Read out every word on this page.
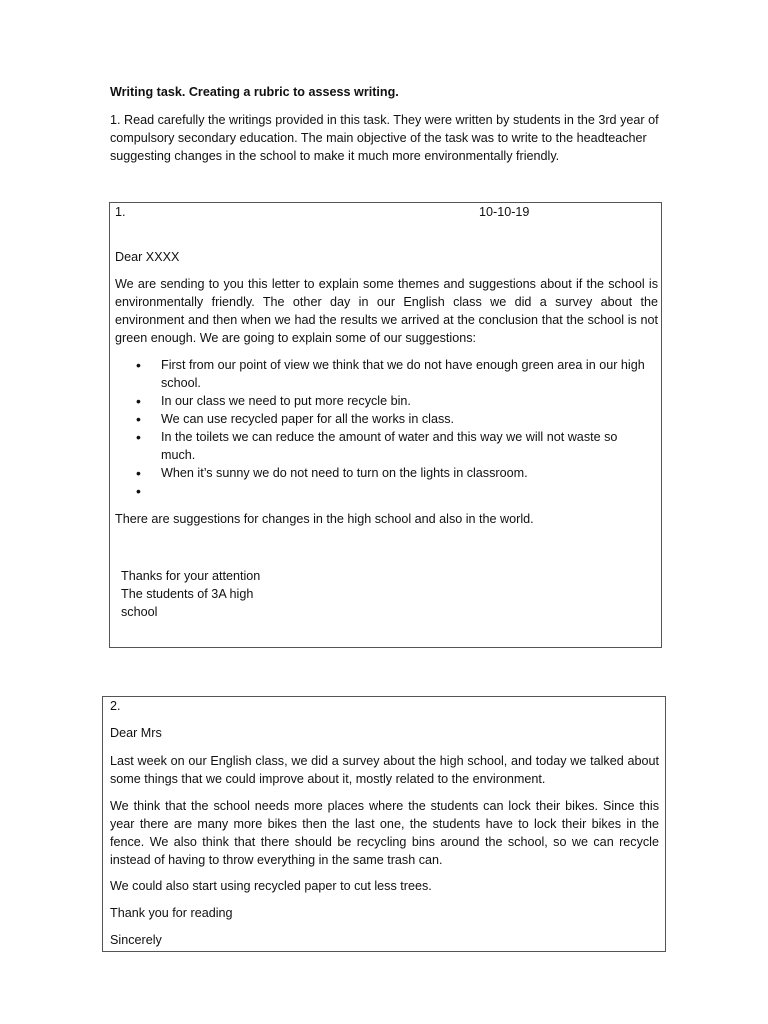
Writing task. Creating a rubric to assess writing.
1. Read carefully the writings provided in this task. They were written by students in the 3rd year of compulsory secondary education. The main objective of the task was to write to the headteacher suggesting changes in the school to make it much more environmentally friendly.
1.	10-10-19
Dear XXXX
We are sending to you this letter to explain some themes and suggestions about if the school is environmentally friendly. The other day in our English class we did a survey about the environment and then when we had the results we arrived at the conclusion that the school is not green enough. We are going to explain some of our suggestions:
• First from our point of view we think that we do not have enough green area in our high school.
• In our class we need to put more recycle bin.
• We can use recycled paper for all the works in class.
• In the toilets we can reduce the amount of water and this way we will not waste so much.
• When it’s sunny we do not need to turn on the lights in classroom.
•
There are suggestions for changes in the high school and also in the world.
Thanks for your attention
The students of 3A high school
2.
Dear Mrs
Last week on our English class, we did a survey about the high school, and today we talked about some things that we could improve about it, mostly related to the environment.
We think that the school needs more places where the students can lock their bikes. Since this year there are many more bikes then the last one, the students have to lock their bikes in the fence. We also think that there should be recycling bins around the school, so we can recycle instead of having to throw everything in the same trash can.
We could also start using recycled paper to cut less trees.
Thank you for reading
Sincerely
